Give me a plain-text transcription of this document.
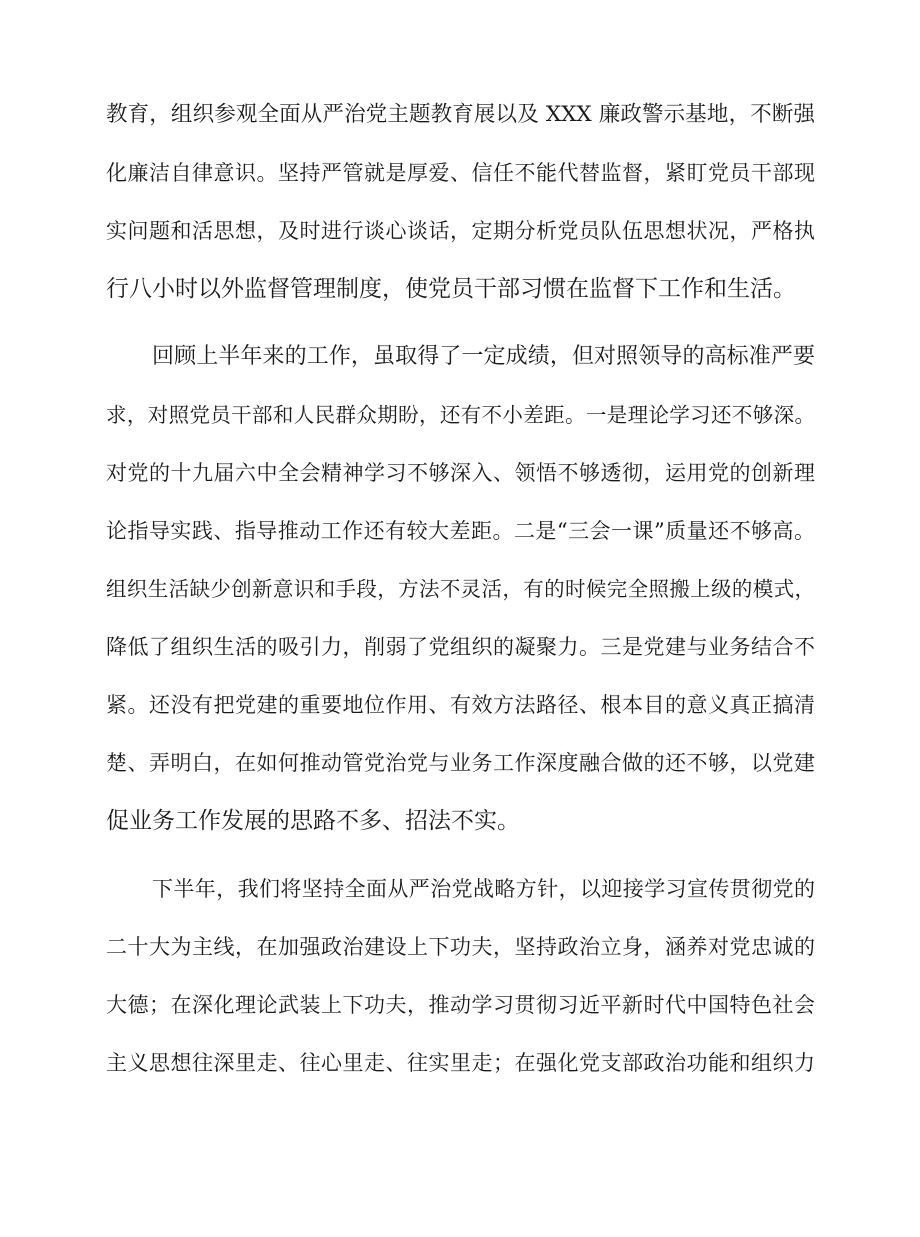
教育，组织参观全面从严治党主题教育展以及 XXX 廉政警示基地，不断强
化廉洁自律意识。坚持严管就是厚爱、信任不能代替监督，紧盯党员干部现
实问题和活思想，及时进行谈心谈话，定期分析党员队伍思想状况，严格执
行八小时以外监督管理制度，使党员干部习惯在监督下工作和生活。
回顾上半年来的工作，虽取得了一定成绩，但对照领导的高标准严要
求，对照党员干部和人民群众期盼，还有不小差距。一是理论学习还不够深。
对党的十九届六中全会精神学习不够深入、领悟不够透彻，运用党的创新理
论指导实践、指导推动工作还有较大差距。二是“三会一课”质量还不够高。
组织生活缺少创新意识和手段，方法不灵活，有的时候完全照搬上级的模式，
降低了组织生活的吸引力，削弱了党组织的凝聚力。三是党建与业务结合不
紧。还没有把党建的重要地位作用、有效方法路径、根本目的意义真正搞清
楚、弄明白，在如何推动管党治党与业务工作深度融合做的还不够，以党建
促业务工作发展的思路不多、招法不实。
下半年，我们将坚持全面从严治党战略方针，以迎接学习宣传贯彻党的
二十大为主线，在加强政治建设上下功夫，坚持政治立身，涵养对党忠诚的
大德；在深化理论武装上下功夫，推动学习贯彻习近平新时代中国特色社会
主义思想往深里走、往心里走、往实里走；在强化党支部政治功能和组织力
